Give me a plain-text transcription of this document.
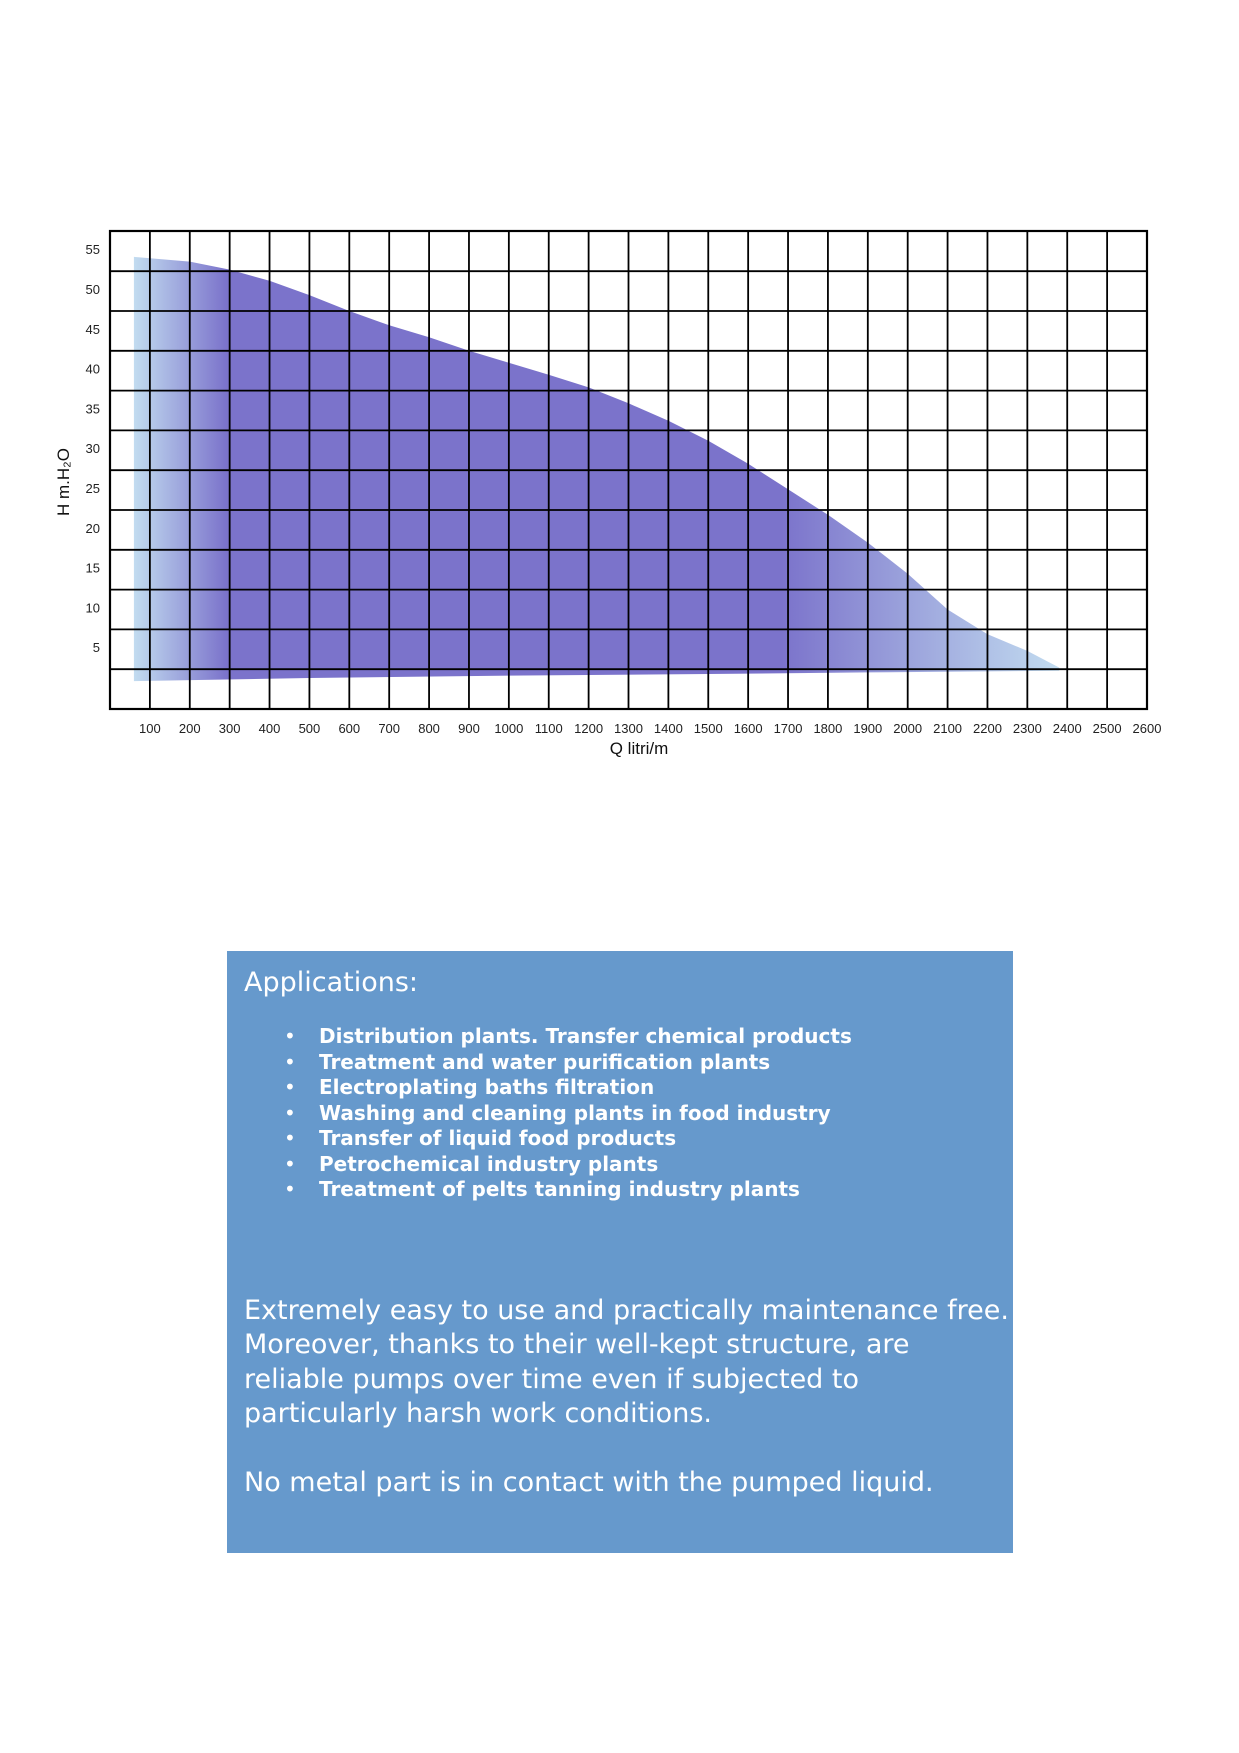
5
10
15
20
25
30
35
40
45
50
55
100 200 300 400 500 600 700 800 900 1000 1100 1200 1300 1400 1500 1600 1700 1800 1900 2000 2100 2200 2300 2400 2500 2600
H m.H₂O
Q litri/m

Applications:

• Distribution plants. Transfer chemical products
• Treatment and water purification plants
• Electroplating baths filtration
• Washing and cleaning plants in food industry
• Transfer of liquid food products
• Petrochemical industry plants
• Treatment of pelts tanning industry plants

Extremely easy to use and practically maintenance free.

Moreover, thanks to their well-kept structure, are reliable pumps over time even if subjected to particularly harsh work conditions.

No metal part is in contact with the pumped liquid.
